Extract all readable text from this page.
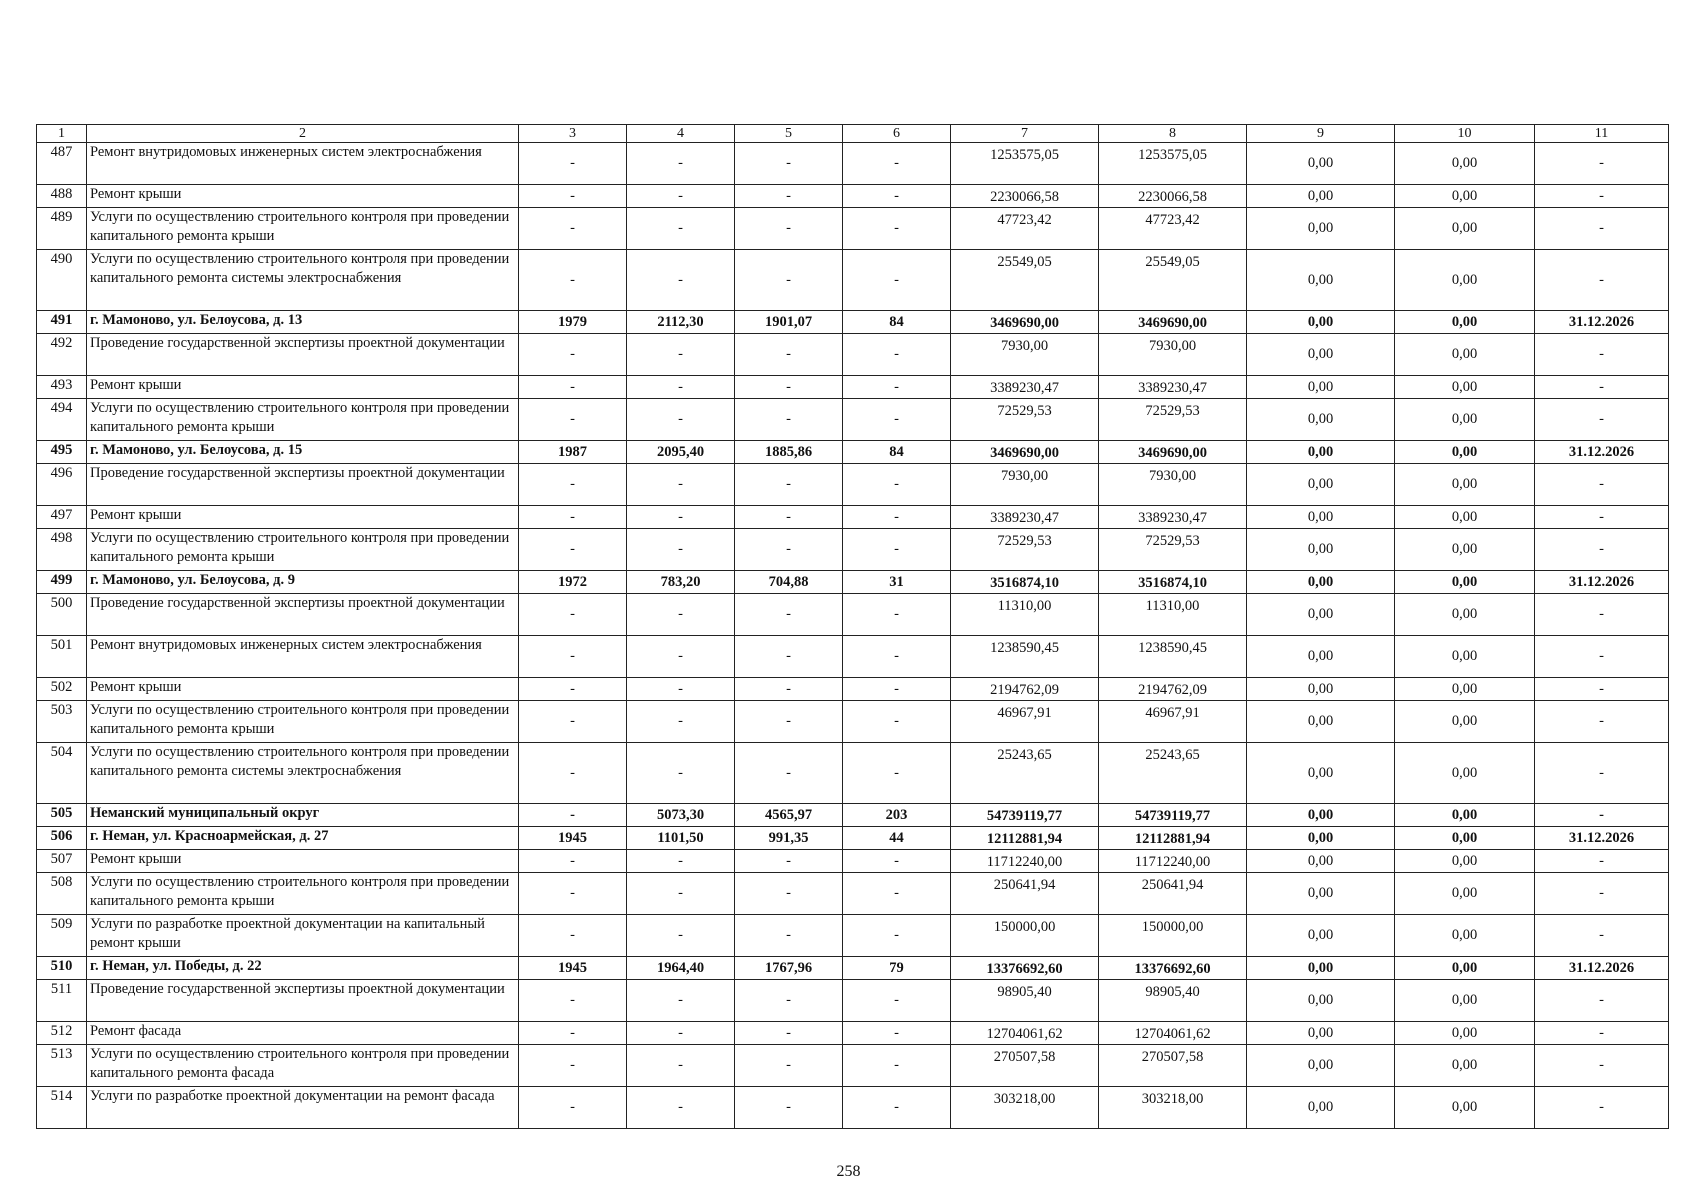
1	2	3	4	5	6	7	8	9	10	11
487	Ремонт внутридомовых инженерных систем электроснабжения	-	-	-	-	1253575,05	1253575,05	0,00	0,00	-
488	Ремонт крыши	-	-	-	-	2230066,58	2230066,58	0,00	0,00	-
489	Услуги по осуществлению строительного контроля при проведении капитального ремонта крыши	-	-	-	-	47723,42	47723,42	0,00	0,00	-
490	Услуги по осуществлению строительного контроля при проведении капитального ремонта системы электроснабжения	-	-	-	-	25549,05	25549,05	0,00	0,00	-
491	г. Мамоново, ул. Белоусова, д. 13	1979	2112,30	1901,07	84	3469690,00	3469690,00	0,00	0,00	31.12.2026
492	Проведение государственной экспертизы проектной документации	-	-	-	-	7930,00	7930,00	0,00	0,00	-
493	Ремонт крыши	-	-	-	-	3389230,47	3389230,47	0,00	0,00	-
494	Услуги по осуществлению строительного контроля при проведении капитального ремонта крыши	-	-	-	-	72529,53	72529,53	0,00	0,00	-
495	г. Мамоново, ул. Белоусова, д. 15	1987	2095,40	1885,86	84	3469690,00	3469690,00	0,00	0,00	31.12.2026
496	Проведение государственной экспертизы проектной документации	-	-	-	-	7930,00	7930,00	0,00	0,00	-
497	Ремонт крыши	-	-	-	-	3389230,47	3389230,47	0,00	0,00	-
498	Услуги по осуществлению строительного контроля при проведении капитального ремонта крыши	-	-	-	-	72529,53	72529,53	0,00	0,00	-
499	г. Мамоново, ул. Белоусова, д. 9	1972	783,20	704,88	31	3516874,10	3516874,10	0,00	0,00	31.12.2026
500	Проведение государственной экспертизы проектной документации	-	-	-	-	11310,00	11310,00	0,00	0,00	-
501	Ремонт внутридомовых инженерных систем электроснабжения	-	-	-	-	1238590,45	1238590,45	0,00	0,00	-
502	Ремонт крыши	-	-	-	-	2194762,09	2194762,09	0,00	0,00	-
503	Услуги по осуществлению строительного контроля при проведении капитального ремонта крыши	-	-	-	-	46967,91	46967,91	0,00	0,00	-
504	Услуги по осуществлению строительного контроля при проведении капитального ремонта системы электроснабжения	-	-	-	-	25243,65	25243,65	0,00	0,00	-
505	Неманский муниципальный округ	-	5073,30	4565,97	203	54739119,77	54739119,77	0,00	0,00	-
506	г. Неман, ул. Красноармейская, д. 27	1945	1101,50	991,35	44	12112881,94	12112881,94	0,00	0,00	31.12.2026
507	Ремонт крыши	-	-	-	-	11712240,00	11712240,00	0,00	0,00	-
508	Услуги по осуществлению строительного контроля при проведении капитального ремонта крыши	-	-	-	-	250641,94	250641,94	0,00	0,00	-
509	Услуги по разработке проектной документации на капитальный ремонт крыши	-	-	-	-	150000,00	150000,00	0,00	0,00	-
510	г. Неман, ул. Победы, д. 22	1945	1964,40	1767,96	79	13376692,60	13376692,60	0,00	0,00	31.12.2026
511	Проведение государственной экспертизы проектной документации	-	-	-	-	98905,40	98905,40	0,00	0,00	-
512	Ремонт фасада	-	-	-	-	12704061,62	12704061,62	0,00	0,00	-
513	Услуги по осуществлению строительного контроля при проведении капитального ремонта фасада	-	-	-	-	270507,58	270507,58	0,00	0,00	-
514	Услуги по разработке проектной документации на ремонт фасада	-	-	-	-	303218,00	303218,00	0,00	0,00	-
258
